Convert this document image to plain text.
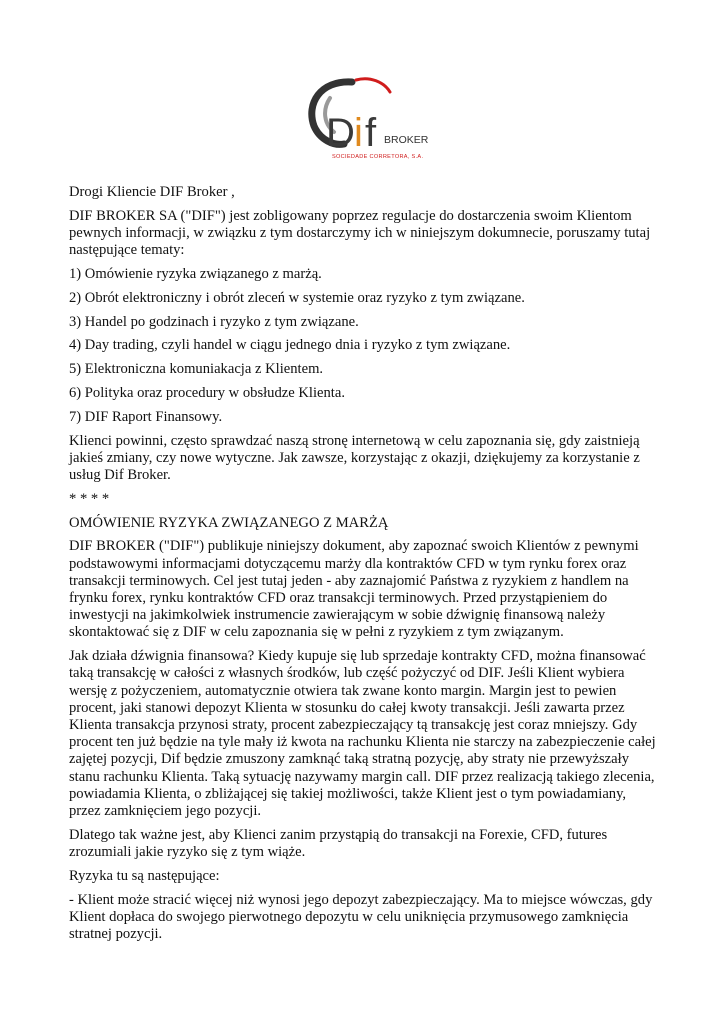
D i f BROKER
SOCIEDADE CORRETORA, S.A.

Drogi Kliencie DIF Broker ,

DIF BROKER SA ("DIF") jest zobligowany poprzez regulacje do dostarczenia swoim Klientom pewnych informacji, w związku z tym dostarczymy ich w niniejszym dokumnecie, poruszamy tutaj następujące tematy:

1) Omówienie ryzyka związanego z marżą.

2) Obrót elektroniczny i obrót zleceń w systemie oraz ryzyko z tym związane.

3) Handel po godzinach i ryzyko z tym związane.

4) Day trading, czyli handel w ciągu jednego dnia i ryzyko z tym związane.

5) Elektroniczna komuniakacja z Klientem.

6) Polityka oraz procedury w obsłudze Klienta.

7) DIF Raport Finansowy.

Klienci powinni, często sprawdzać naszą stronę internetową w celu zapoznania się, gdy zaistnieją jakieś zmiany, czy nowe wytyczne. Jak zawsze, korzystając z okazji, dziękujemy za korzystanie z usług Dif Broker.

* * * *

OMÓWIENIE RYZYKA ZWIĄZANEGO Z MARŻĄ

DIF BROKER ("DIF") publikuje niniejszy dokument, aby zapoznać swoich Klientów z pewnymi podstawowymi informacjami dotyczącemu marży dla kontraktów CFD w tym rynku forex oraz transakcji terminowych. Cel jest tutaj jeden - aby zaznajomić Państwa z ryzykiem z handlem na frynku forex, rynku kontraktów CFD oraz transakcji terminowych. Przed przystąpieniem do inwestycji na jakimkolwiek instrumencie zawierającym w sobie dźwignię finansową należy skontaktować się z DIF w celu zapoznania się w pełni z ryzykiem z tym związanym.

Jak działa dźwignia finansowa? Kiedy kupuje się lub sprzedaje kontrakty CFD, można finansować taką transakcję w całości z własnych środków, lub część pożyczyć od DIF. Jeśli Klient wybiera wersję z pożyczeniem, automatycznie otwiera tak zwane konto margin. Margin jest to pewien procent, jaki stanowi depozyt Klienta w stosunku do całej kwoty transakcji. Jeśli zawarta przez Klienta transakcja przynosi straty, procent zabezpieczający tą transakcję jest coraz mniejszy. Gdy procent ten już będzie na tyle mały iż kwota na rachunku Klienta nie starczy na zabezpieczenie całej zajętej pozycji, Dif będzie zmuszony zamknąć taką stratną pozycję, aby straty nie przewyższały stanu rachunku Klienta. Taką sytuację nazywamy margin call. DIF przez realizacją takiego zlecenia, powiadamia Klienta, o zbliżającej się takiej możliwości, także Klient jest o tym powiadamiany, przez zamknięciem jego pozycji.

Dlatego tak ważne jest, aby Klienci zanim przystąpią do transakcji na Forexie, CFD, futures zrozumiali jakie ryzyko się z tym wiąże.

Ryzyka tu są następujące:

- Klient może stracić więcej niż wynosi jego depozyt zabezpieczający. Ma to miejsce wówczas, gdy Klient dopłaca do swojego pierwotnego depozytu w celu uniknięcia przymusowego zamknięcia stratnej pozycji.
